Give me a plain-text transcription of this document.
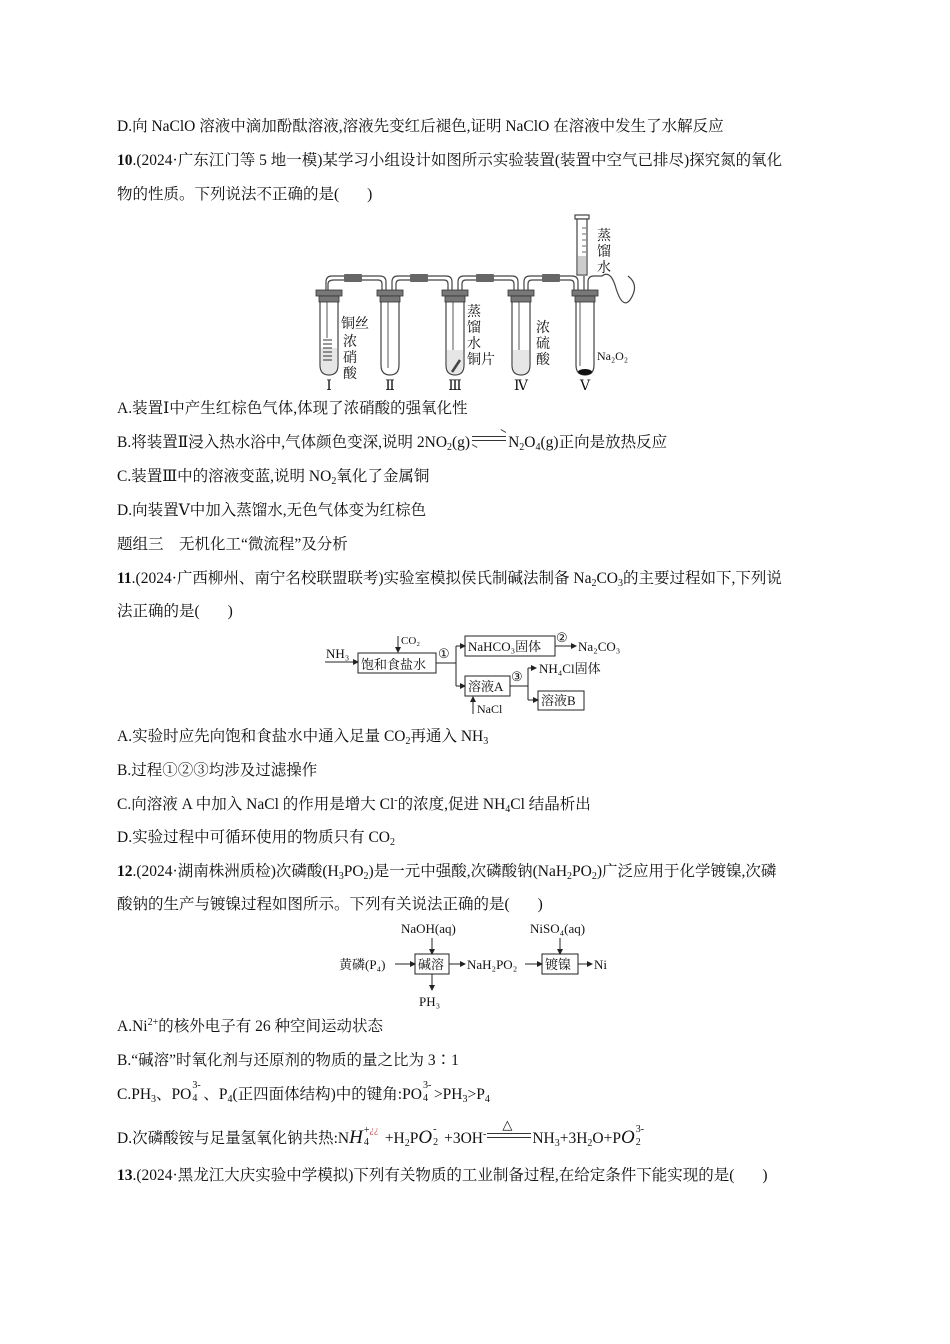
D.向 NaClO 溶液中滴加酚酞溶液,溶液先变红后褪色,证明 NaClO 在溶液中发生了水解反应
10.(2024·广东江门等 5 地一模)某学习小组设计如图所示实验装置(装置中空气已排尽)探究氮的氧化
物的性质。下列说法不正确的是( )
铜丝
浓
硝
酸
蒸
馏
水
铜片
浓
硫
酸
蒸
馏
水
Na₂O₂
Ⅰ	Ⅱ	Ⅲ	Ⅳ	Ⅴ
A.装置Ⅰ中产生红棕色气体,体现了浓硝酸的强氧化性
B.将装置Ⅱ浸入热水浴中,气体颜色变深,说明 $2NO_2(g)$ ⇌ $N_2O_4(g)$正向是放热反应
C.装置Ⅲ中的溶液变蓝,说明 $NO_2$氧化了金属铜
D.向装置Ⅴ中加入蒸馏水,无色气体变为红棕色
题组三　无机化工“微流程”及分析
11.(2024·广西柳州、南宁名校联盟联考)实验室模拟侯氏制碱法制备 $Na_2CO_3$的主要过程如下,下列说
法正确的是( )
NH₃
CO₂
饱和食盐水
① NaHCO₃固体
②
Na₂CO₃
溶液A
③
NH₄Cl固体
溶液B
NaCl
A.实验时应先向饱和食盐水中通入足量 $CO_2$再通入 $NH_3$
B.过程①②③均涉及过滤操作
C.向溶液 A 中加入 NaCl 的作用是增大 Cl-的浓度,促进 $NH_4Cl$ 结晶析出
D.实验过程中可循环使用的物质只有 $CO_2$
12.(2024·湖南株洲质检)次磷酸$(H_3PO_2)$是一元中强酸,次磷酸钠$(NaH_2PO_2)$广泛应用于化学镀镍,次磷
酸钠的生产与镀镍过程如图所示。下列有关说法正确的是( )
黄磷(P₄)
NaOH(aq)
碱溶
PH₃
NaH₂PO₂
NiSO₄(aq)
镀镍 Ni
$A.Ni^{2+}$的核外电子有 26 种空间运动状态
B.“碱溶”时氧化剂与还原剂的物质的量之比为 3∶1
$C.PH_3$、PO
3-
4 、$P_4$(正四面体结构)中的键角:PO
3-
$4 >PH_3>P_4$
D.次磷酸铵与足量氢氧化钠共热:NH +¿¿
$4 +H_2PO$ -
2 +3OH-
△
$NH_3+3H_2O+PO$ 3-
2
13.(2024·黑龙江大庆实验中学模拟)下列有关物质的工业制备过程,在给定条件下能实现的是( )
